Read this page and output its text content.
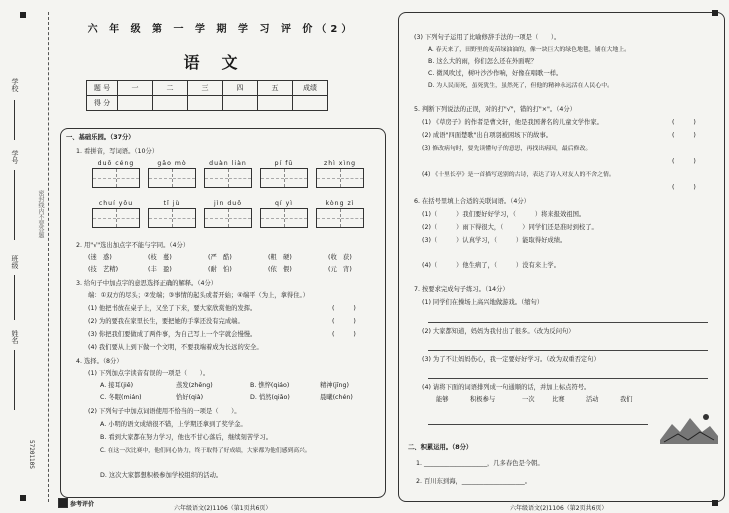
学校
学号
班级
姓名
密封线内不要答题
5720110S
六 年 级 第 一 学 期 学 习 评 价（2）
语文
题 号	一	二	三	四	五	成绩
得 分						
一、基础乐园。（37分）
1. 看拼音，写词语。（10分）
duō céng	gāo mò	duàn liàn	pí fū	zhì xìng
chuí yǒu	tǐ jù	jìn duō	qí yì	kòng zì
2. 用"√"选出加点字不能与字同。（4分）
(迷　惑)	(枝　蔓)	(严　酷)	(粗　硬)	(收　获)
(技　艺精)	(丰　盈)	(耐　怕)	(依　偎)	(元　宵)
3. 给句子中加点字的意思选择正确的解释。（4分）
端：①双方的尽头；②发端；③事情的起头或者开始；④端平（为上，拿得住。）
(1) 他把书放在桌子上，又坐了下来，要大家欣赏他的发挥。	(　　　)
(2) 为的要我在家里长生，要把她的手掌还没有完成端。	(　　　)
(3) 你把我们要做成了两件事，为自己写上一个字就会慢慢。	(　　　)
(4) 我们要从上到下做一个文明，不要我端着成为长远的安全。
4. 选择。（8分）
(1) 下列加点字读音有误的一项是（　　）。
A. 接耳(jiē)	蒸发(zhēng)	B. 憔悴(qiáo)	精神(jīng)
C. 冬眠(mián)	恰好(qià)	D. 悄然(qiǎo)	晨曦(chén)
(2) 下列句子中加点词语使用不恰当的一项是（　　）。
A. 小明的语文成绩很不错，上学期还拿到了奖学金。
B. 看到大家都在努力学习，他也不甘心落后，继续刻苦学习。
C. 在这一次比赛中，他们同心协力，终于取得了好成绩，大家都为他们感到高兴。
D. 这次大家都想积极参加学校组织的活动。
(3) 下列句子运用了比喻修辞手法的一项是（　　）。
A. 春天来了，田野里的麦苗绿油油的，像一块巨大的绿色地毯，铺在大地上。
B. 这么大的雨，你们怎么还在外面呢？
C. 微风吹过，树叶沙沙作响，好像在唱歌一样。
D. 为人民而死，虽死犹生，虽然死了，但他的精神永远活在人民心中。
5. 判断下列说法的正误，对的打"√"，错的打"×"。（4分）
(1) 《草房子》的作者是曹文轩，他是我国著名的儿童文学作家。	(　　　)
(2) 成语"四面楚歌"出自项羽被困垓下的故事。	(　　　)
(3) 修改病句时，要先读懂句子的意思，再找出病因，最后修改。
(　　　)
(4) 《十里长亭》是一首描写送别的古诗，表达了诗人对友人的不舍之情。
(　　　)
6. 在括号里填上合适的关联词语。（4分）
(1)（　　　）我们要好好学习，（　　　）将来报效祖国。
(2)（　　　）雨下得很大，（　　　）同学们还是准时到校了。
(3)（　　　）认真学习，（　　　）能取得好成绩。
(4)（　　　）他生病了，（　　　）没有来上学。
7. 按要求完成句子练习。（14分）
(1) 同学们在操场上高兴地做游戏。（缩句）
(2) 大家都知道，妈妈为我付出了很多。（改为反问句）
(3) 为了不让妈妈伤心，我一定要好好学习。（改为双重否定句）
(4) 请将下面的词语排列成一句通顺的话，并加上标点符号。
能够	积极参与	一次	比赛	活动	我们
二、积累运用。（8分）
1. ____________________，几多春色是今朝。
2. 百川东到海，____________________。
参考评价
六年级语文(2)1106（第1页共6页）	六年级语文(2)1106（第2页共6页）
